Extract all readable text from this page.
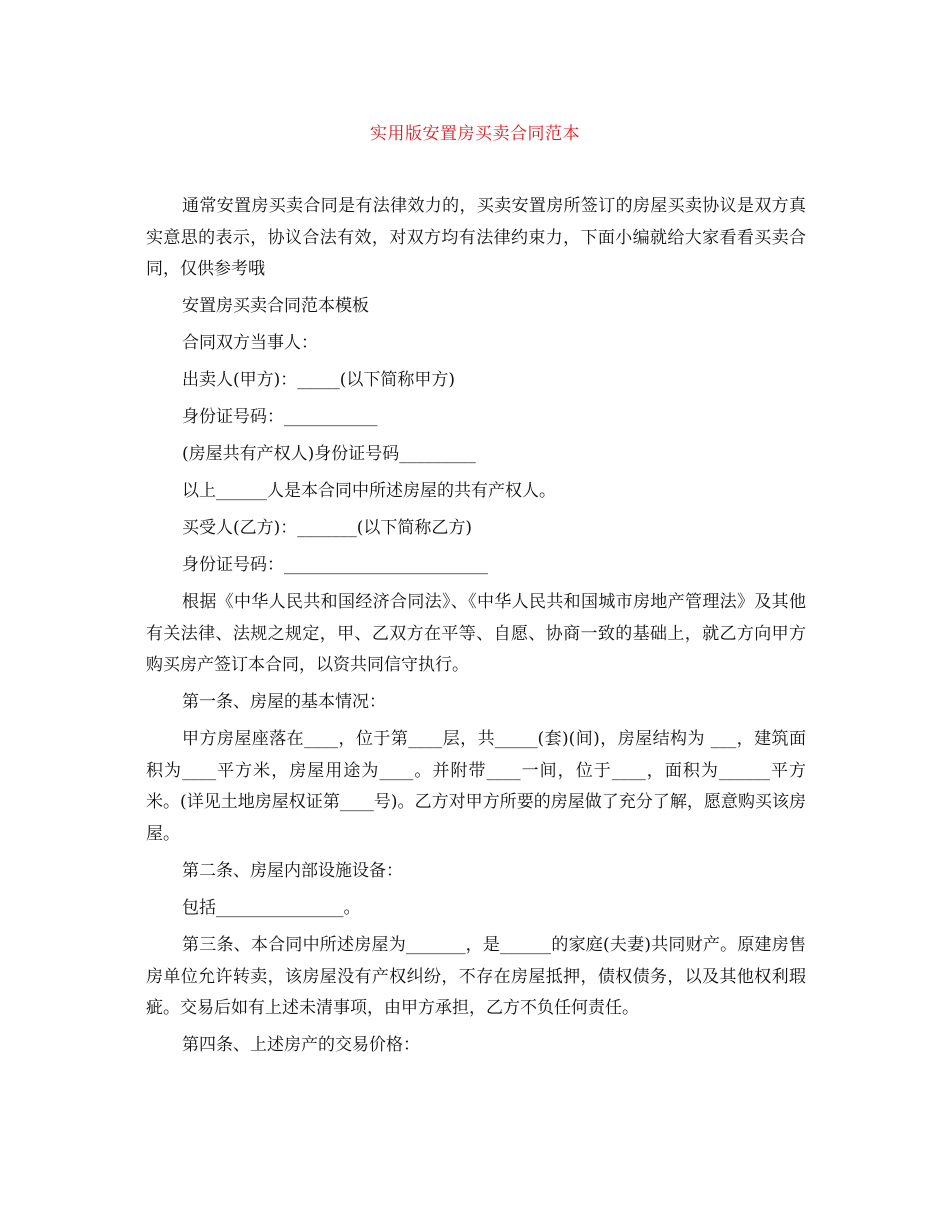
实用版安置房买卖合同范本

通常安置房买卖合同是有法律效力的，买卖安置房所签订的房屋买卖协议是双方真实意思的表示，协议合法有效，对双方均有法律约束力，下面小编就给大家看看买卖合同，仅供参考哦

安置房买卖合同范本模板

合同双方当事人：

出卖人(甲方)：_____(以下简称甲方)

身份证号码：___________

(房屋共有产权人)身份证号码_________

以上______人是本合同中所述房屋的共有产权人。

买受人(乙方)：_______(以下简称乙方)

身份证号码：________________________

根据《中华人民共和国经济合同法》、《中华人民共和国城市房地产管理法》及其他有关法律、法规之规定，甲、乙双方在平等、自愿、协商一致的基础上，就乙方向甲方购买房产签订本合同，以资共同信守执行。

第一条、房屋的基本情况：

甲方房屋座落在____，位于第____层，共_____(套)(间)，房屋结构为 ___，建筑面积为____平方米，房屋用途为____。并附带____一间，位于____，面积为______平方米。(详见土地房屋权证第____号)。乙方对甲方所要的房屋做了充分了解，愿意购买该房屋。

第二条、房屋内部设施设备：

包括_______________。

第三条、本合同中所述房屋为_______，是______的家庭(夫妻)共同财产。原建房售房单位允许转卖，该房屋没有产权纠纷，不存在房屋抵押，债权债务，以及其他权利瑕疵。交易后如有上述未清事项，由甲方承担，乙方不负任何责任。

第四条、上述房产的交易价格：
